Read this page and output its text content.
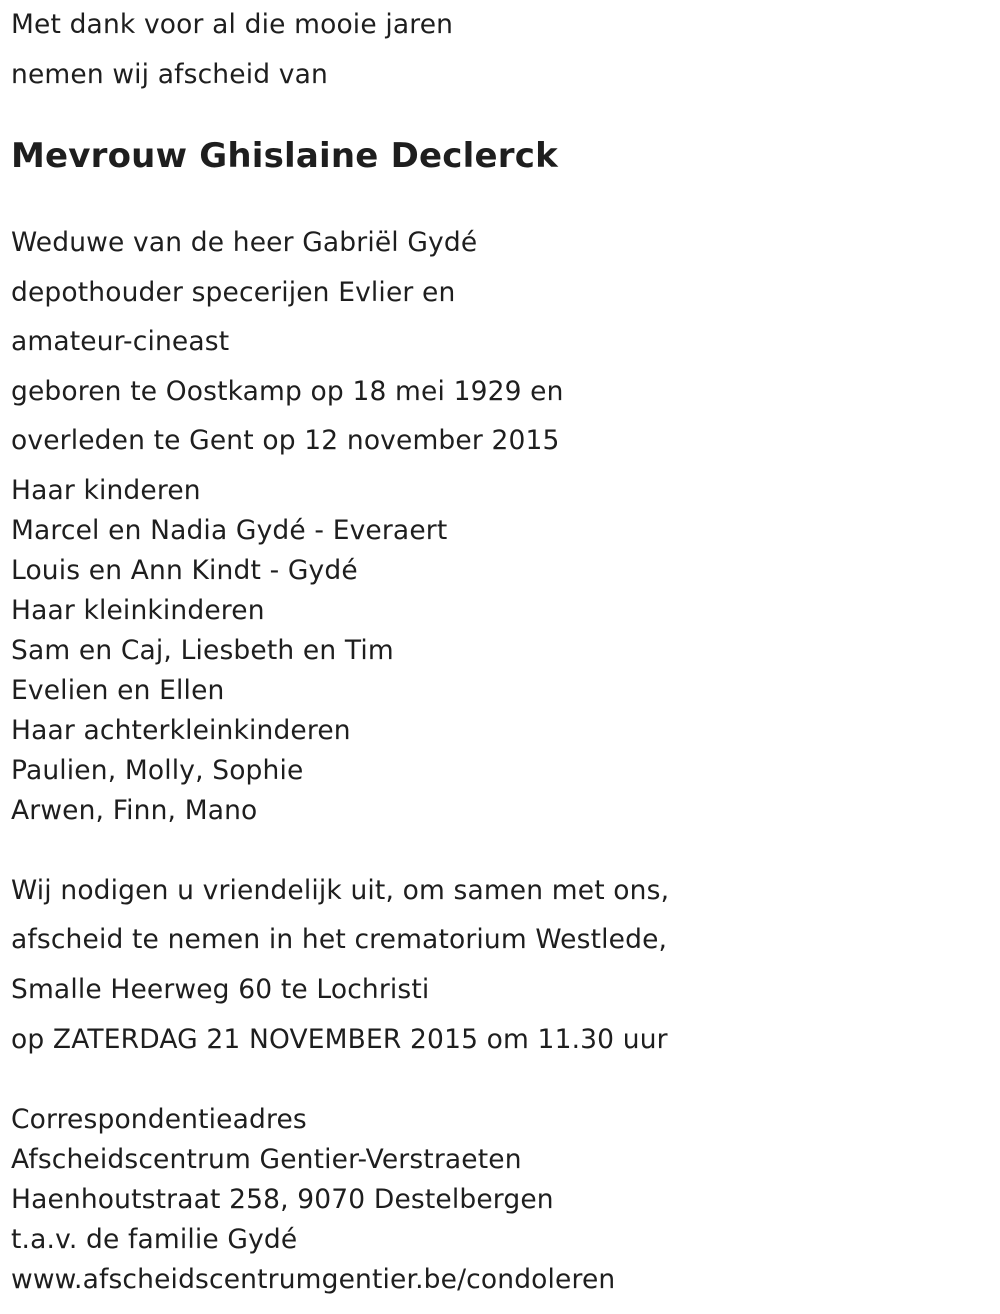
Met dank voor al die mooie jaren
nemen wij afscheid van
Mevrouw Ghislaine Declerck
Weduwe van de heer Gabriël Gydé
depothouder specerijen Evlier en
amateur-cineast
geboren te Oostkamp op 18 mei 1929 en
overleden te Gent op 12 november 2015
Haar kinderen
Marcel en Nadia Gydé - Everaert
Louis en Ann Kindt - Gydé
Haar kleinkinderen
Sam en Caj, Liesbeth en Tim
Evelien en Ellen
Haar achterkleinkinderen
Paulien, Molly, Sophie
Arwen, Finn, Mano
Wij nodigen u vriendelijk uit, om samen met ons,
afscheid te nemen in het crematorium Westlede,
Smalle Heerweg 60 te Lochristi
op ZATERDAG 21 NOVEMBER 2015 om 11.30 uur
Correspondentieadres
Afscheidscentrum Gentier-Verstraeten
Haenhoutstraat 258, 9070 Destelbergen
t.a.v. de familie Gydé
www.afscheidscentrumgentier.be/condoleren
